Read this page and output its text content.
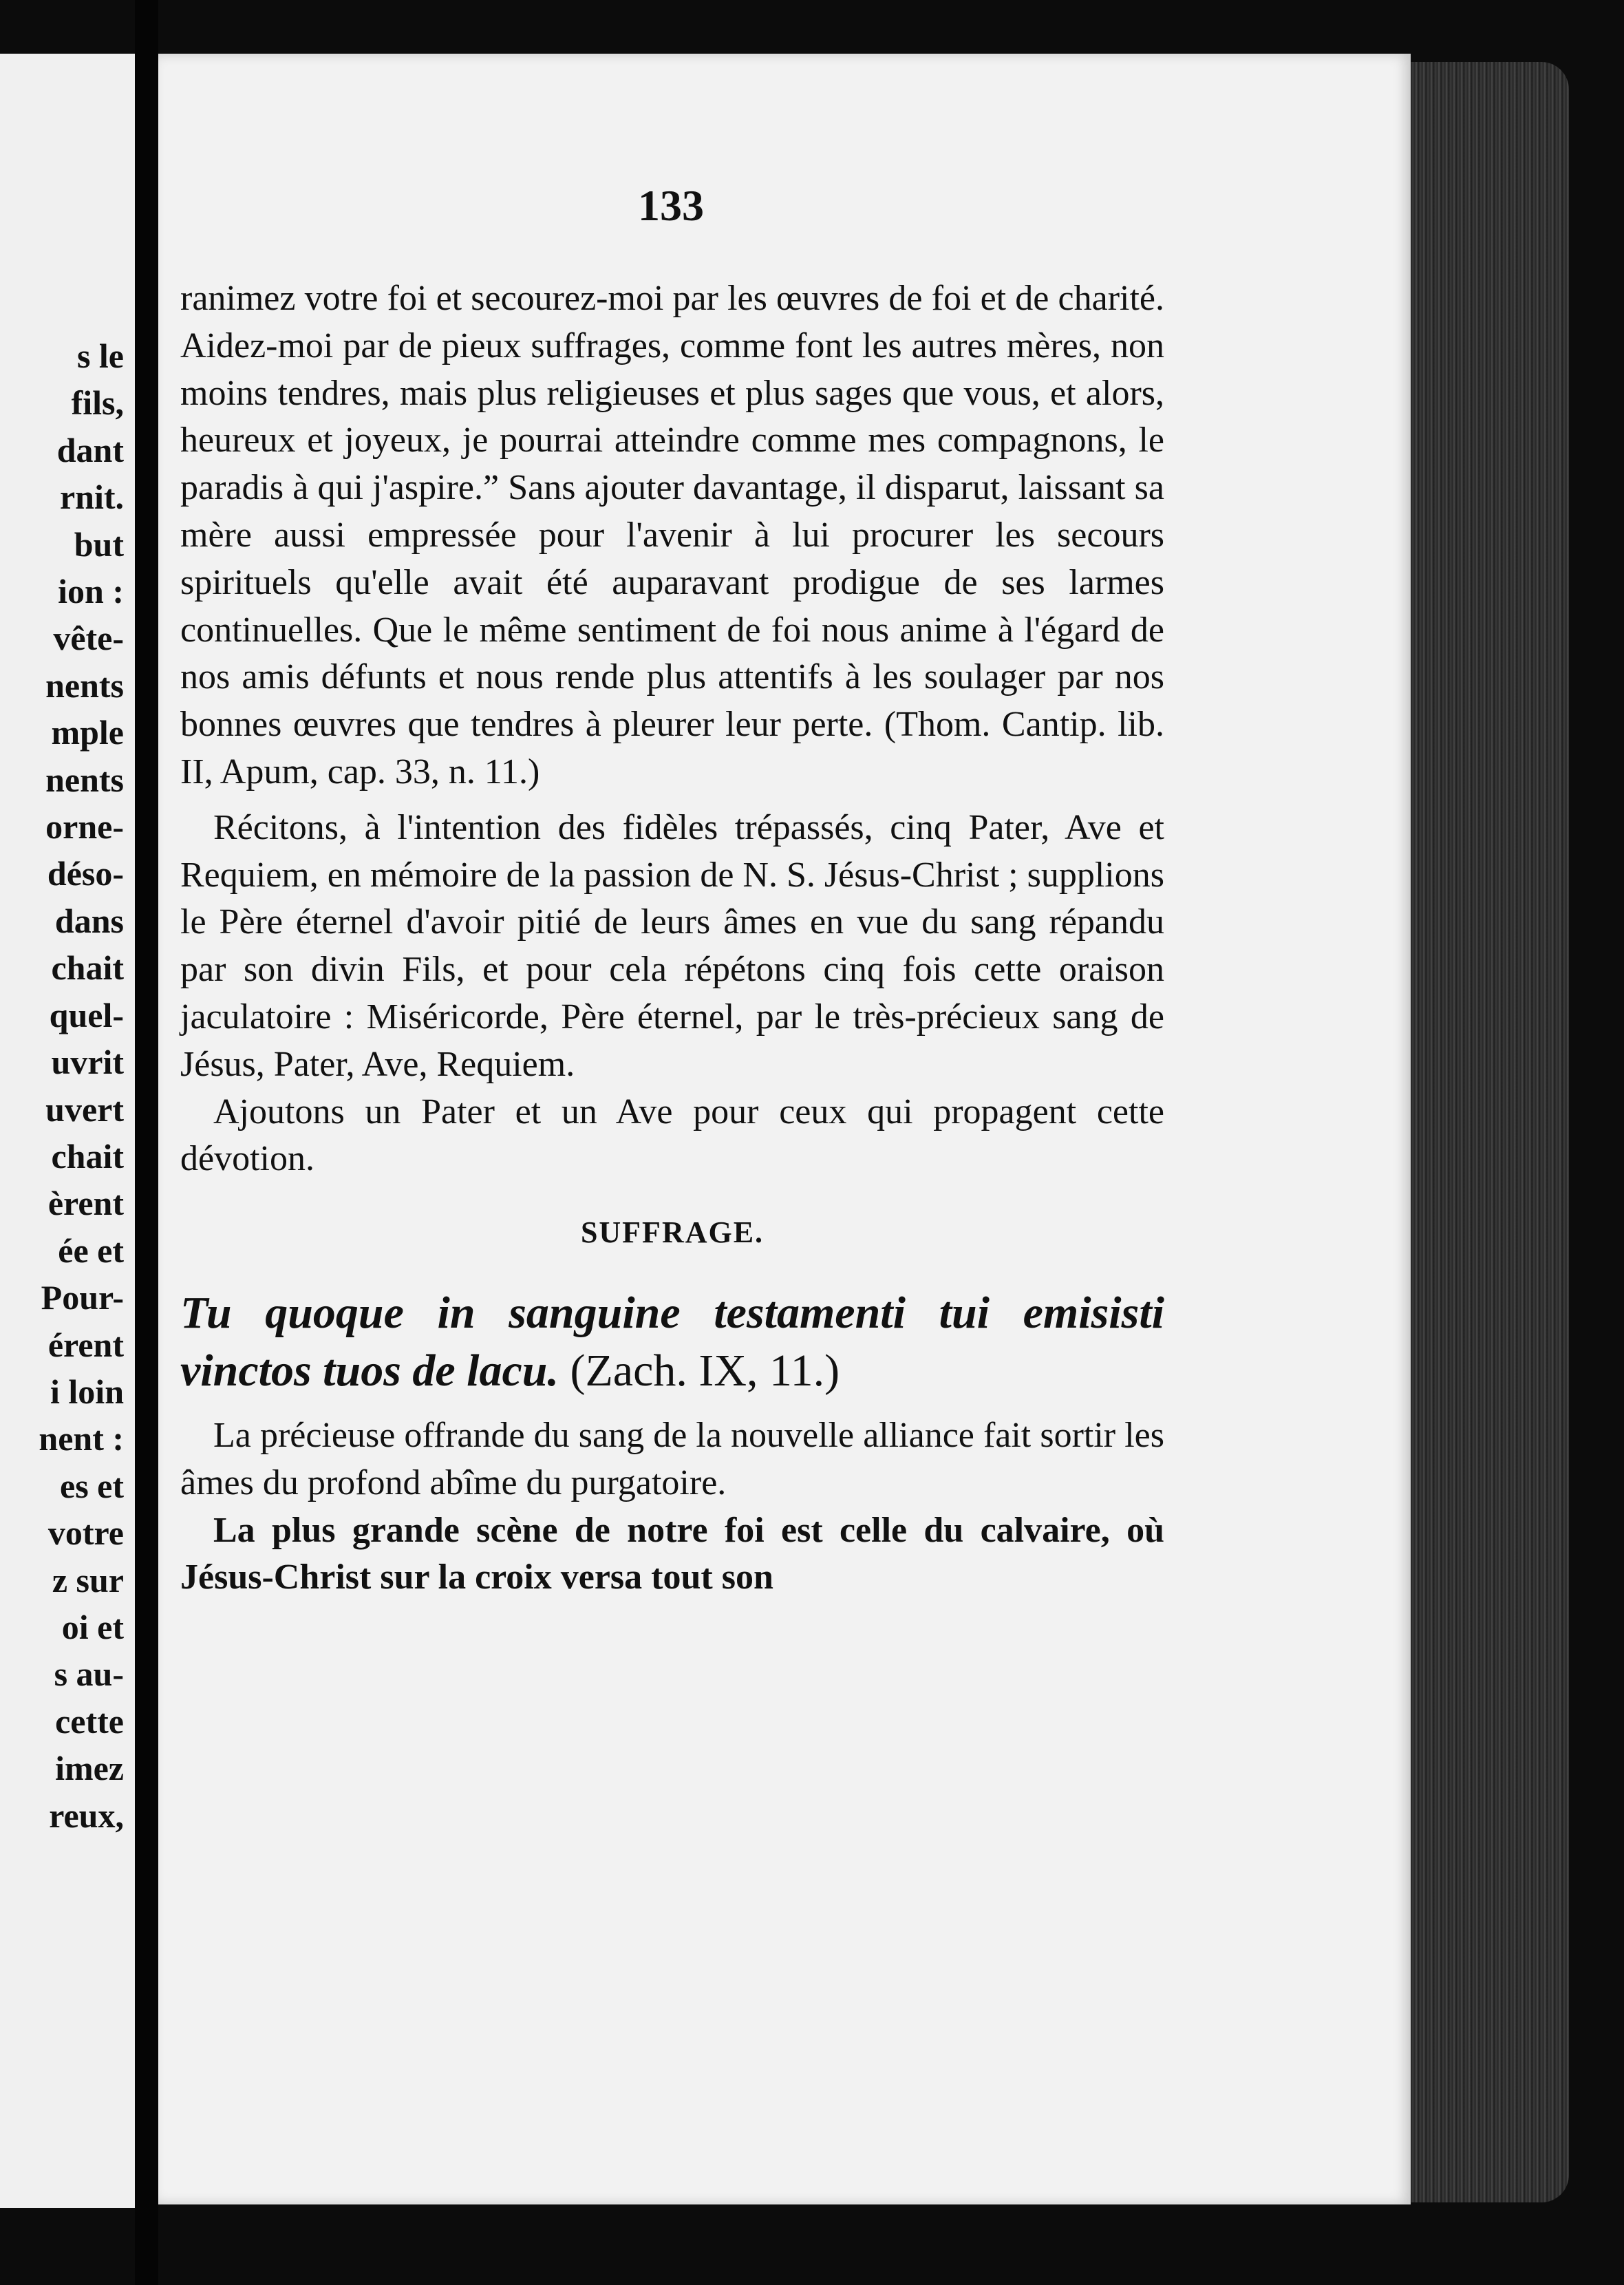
s le
fils,
dant
rnit.
but
ion :
vête-
nents
mple
nents
orne-
déso-
dans
chait
quel-
uvrit
uvert
chait
èrent
ée et
Pour-
érent
i loin
nent :
es et
votre
z sur
oi et
s au-
cette
imez
reux,
133

ranimez votre foi et secourez-moi par les œuvres de foi et de charité. Aidez-moi par de pieux suffrages, comme font les autres mères, non moins tendres, mais plus religieuses et plus sages que vous, et alors, heureux et joyeux, je pourrai atteindre comme mes compagnons, le paradis à qui j'aspire.” Sans ajouter davantage, il disparut, laissant sa mère aussi empressée pour l'avenir à lui procurer les secours spirituels qu'elle avait été auparavant prodigue de ses larmes continuelles. Que le même sentiment de foi nous anime à l'égard de nos amis défunts et nous rende plus attentifs à les soulager par nos bonnes œuvres que tendres à pleurer leur perte. (Thom. Cantip. lib. II, Apum, cap. 33, n. 11.)

Récitons, à l'intention des fidèles trépassés, cinq Pater, Ave et Requiem, en mémoire de la passion de N. S. Jésus-Christ ; supplions le Père éternel d'avoir pitié de leurs âmes en vue du sang répandu par son divin Fils, et pour cela répétons cinq fois cette oraison jaculatoire : Miséricorde, Père éternel, par le très-précieux sang de Jésus, Pater, Ave, Requiem.

Ajoutons un Pater et un Ave pour ceux qui propagent cette dévotion.

SUFFRAGE.
Tu quoque in sanguine testamenti tui emisisti vinctos tuos de lacu. (Zach. IX, 11.)

La précieuse offrande du sang de la nouvelle alliance fait sortir les âmes du profond abîme du purgatoire.

La plus grande scène de notre foi est celle du calvaire, où Jésus-Christ sur la croix versa tout son
